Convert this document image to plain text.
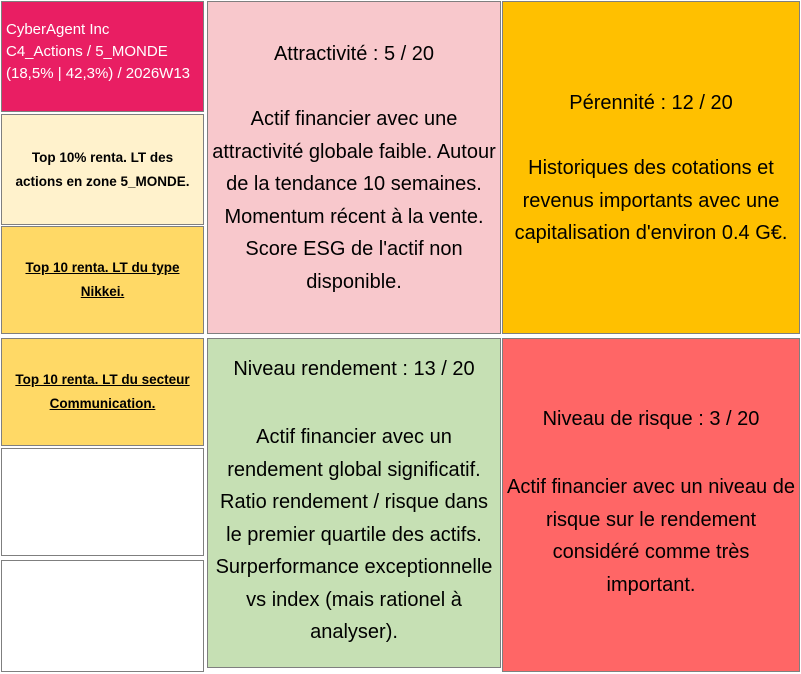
CyberAgent Inc
C4_Actions / 5_MONDE
(18,5% | 42,3%) / 2026W13
Top 10% renta. LT des actions en zone 5_MONDE.
Top 10 renta. LT du type Nikkei.
Top 10 renta. LT du secteur Communication.
Attractivité : 5 / 20
Actif financier avec une attractivité globale faible. Autour de la tendance 10 semaines. Momentum récent à la vente. Score ESG de l'actif non disponible.
Pérennité : 12 / 20
Historiques des cotations et revenus importants avec une capitalisation d'environ 0.4 G€.
Niveau rendement : 13 / 20
Actif financier avec un rendement global significatif. Ratio rendement / risque dans le premier quartile des actifs. Surperformance exceptionnelle vs index (mais rationel à analyser).
Niveau de risque : 3 / 20
Actif financier avec un niveau de risque sur le rendement considéré comme très important.
